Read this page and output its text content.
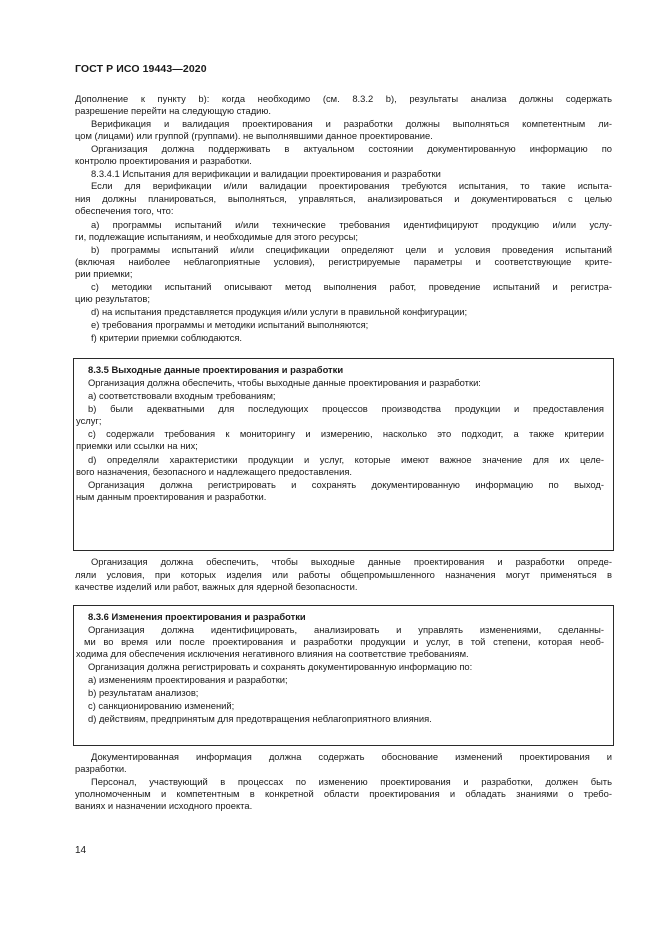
ГОСТ Р ИСО 19443—2020
Дополнение к пункту b): когда необходимо (см. 8.3.2 b), результаты анализа должны содержать
разрешение перейти на следующую стадию.
Верификация и валидация проектирования и разработки должны выполняться компетентным ли-
цом (лицами) или группой (группами). не выполнявшими данное проектирование.
Организация должна поддерживать в актуальном состоянии документированную информацию по
контролю проектирования и разработки.
8.3.4.1 Испытания для верификации и валидации проектирования и разработки
Если для верификации и/или валидации проектирования требуются испытания, то такие испыта-
ния должны планироваться, выполняться, управляться, анализироваться и документироваться с целью
обеспечения того, что:
a) программы испытаний и/или технические требования идентифицируют продукцию и/или услу-
ги, подлежащие испытаниям, и необходимые для этого ресурсы;
b) программы испытаний и/или спецификации определяют цели и условия проведения испытаний
(включая наиболее неблагоприятные условия), регистрируемые параметры и соответствующие крите-
рии приемки;
c) методики испытаний описывают метод выполнения работ, проведение испытаний и регистра-
цию результатов;
d) на испытания представляется продукция и/или услуги в правильной конфигурации;
e) требования программы и методики испытаний выполняются;
f) критерии приемки соблюдаются.
8.3.5 Выходные данные проектирования и разработки
Организация должна обеспечить, чтобы выходные данные проектирования и разработки:
a) соответствовали входным требованиям;
b) были адекватными для последующих процессов производства продукции и предоставления
услуг;
c) содержали требования к мониторингу и измерению, насколько это подходит, а также критерии
приемки или ссылки на них;
d) определяли характеристики продукции и услуг, которые имеют важное значение для их целе-
вого назначения, безопасного и надлежащего предоставления.
Организация должна регистрировать и сохранять документированную информацию по выход-
ным данным проектирования и разработки.
Организация должна обеспечить, чтобы выходные данные проектирования и разработки опреде-
ляли условия, при которых изделия или работы общепромышленного назначения могут применяться в
качестве изделий или работ, важных для ядерной безопасности.
8.3.6 Изменения проектирования и разработки
Организация должна идентифицировать, анализировать и управлять изменениями, сделанны-
ми во время или после проектирования и разработки продукции и услуг, в той степени, которая необ-
ходима для обеспечения исключения негативного влияния на соответствие требованиям.
Организация должна регистрировать и сохранять документированную информацию по:
a) изменениям проектирования и разработки;
b) результатам анализов;
c) санкционированию изменений;
d) действиям, предпринятым для предотвращения неблагоприятного влияния.
Документированная информация должна содержать обоснование изменений проектирования и
разработки.
Персонал, участвующий в процессах по изменению проектирования и разработки, должен быть
уполномоченным и компетентным в конкретной области проектирования и обладать знаниями о требо-
ваниях и назначении исходного проекта.
14
